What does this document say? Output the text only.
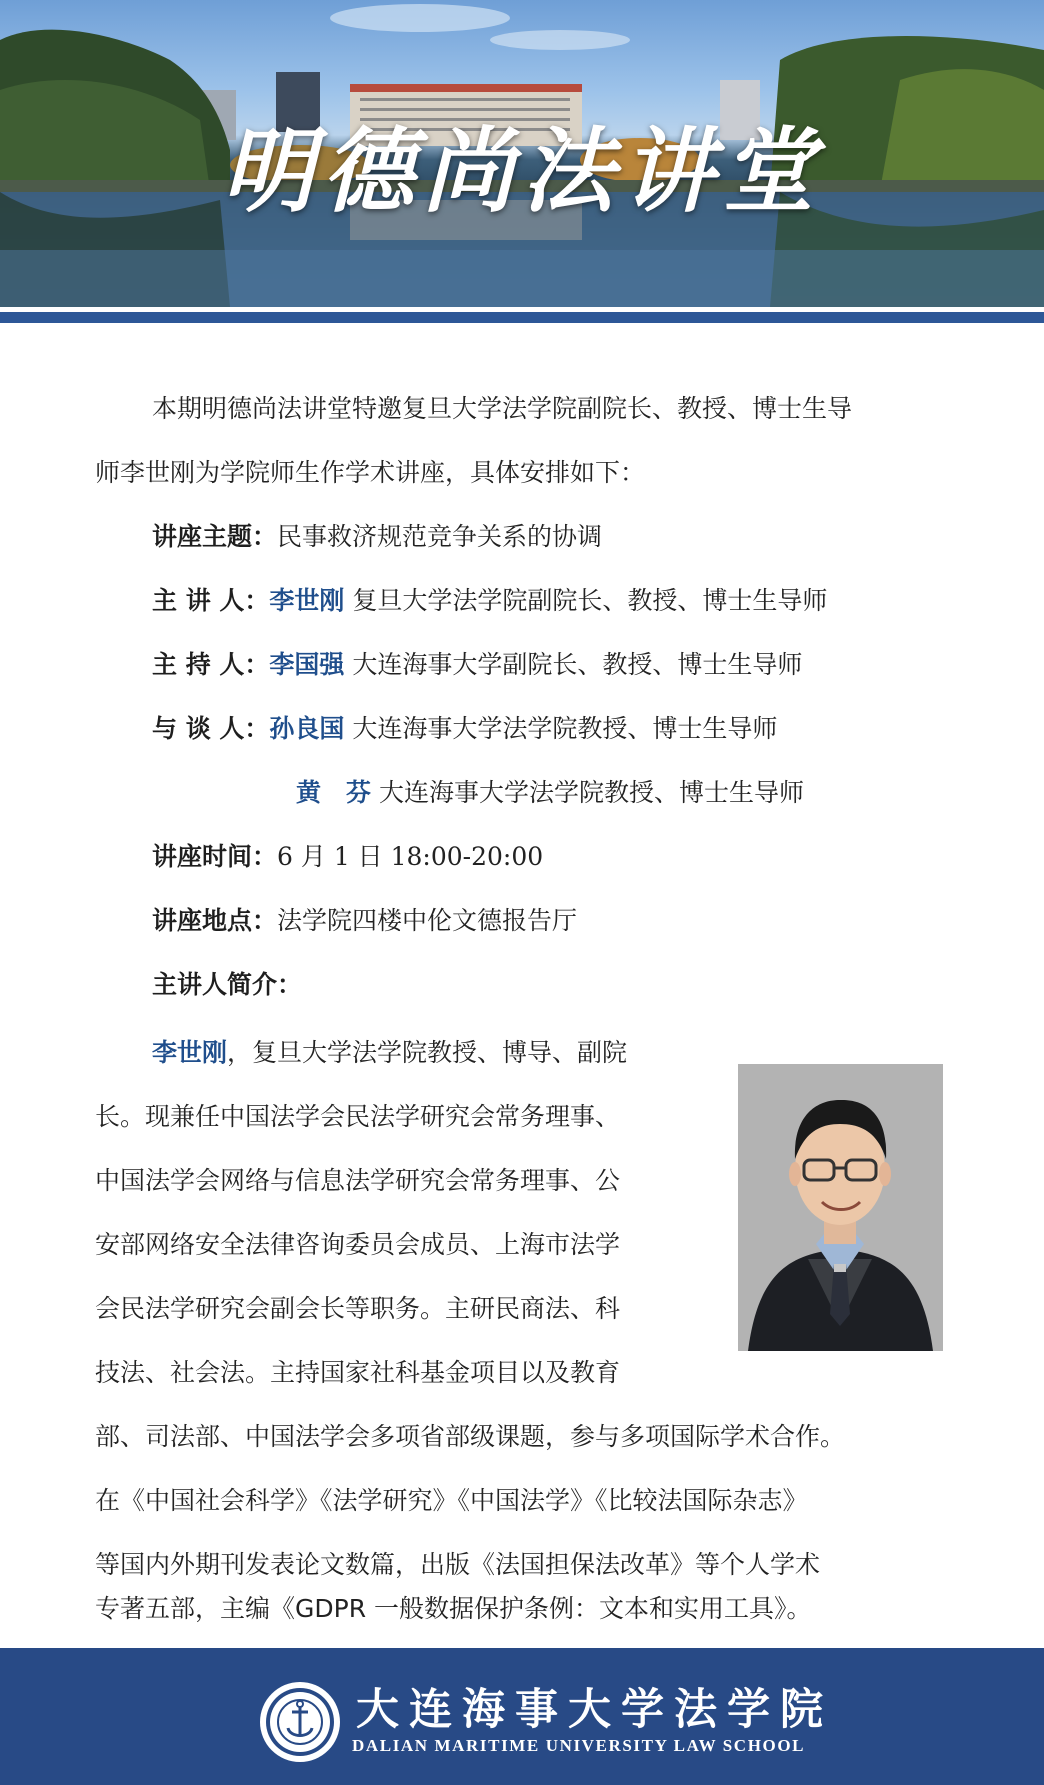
明德尚法讲堂
本期明德尚法讲堂特邀复旦大学法学院副院长、教授、博士生导
师李世刚为学院师生作学术讲座，具体安排如下：
讲座主题：民事救济规范竞争关系的协调
主 讲 人：李世刚 复旦大学法学院副院长、教授、博士生导师
主 持 人：李国强 大连海事大学副院长、教授、博士生导师
与 谈 人：孙良国 大连海事大学法学院教授、博士生导师
黄　芬 大连海事大学法学院教授、博士生导师
讲座时间：6 月 1 日 18:00-20:00
讲座地点：法学院四楼中伦文德报告厅
主讲人简介：
李世刚，复旦大学法学院教授、博导、副院
长。现兼任中国法学会民法学研究会常务理事、
中国法学会网络与信息法学研究会常务理事、公
安部网络安全法律咨询委员会成员、上海市法学
会民法学研究会副会长等职务。主研民商法、科
技法、社会法。主持国家社科基金项目以及教育
部、司法部、中国法学会多项省部级课题，参与多项国际学术合作。
在《中国社会科学》《法学研究》《中国法学》《比较法国际杂志》
等国内外期刊发表论文数篇，出版《法国担保法改革》等个人学术
专著五部，主编《GDPR 一般数据保护条例：文本和实用工具》。
大连海事大学法学院
DALIAN MARITIME UNIVERSITY LAW SCHOOL
